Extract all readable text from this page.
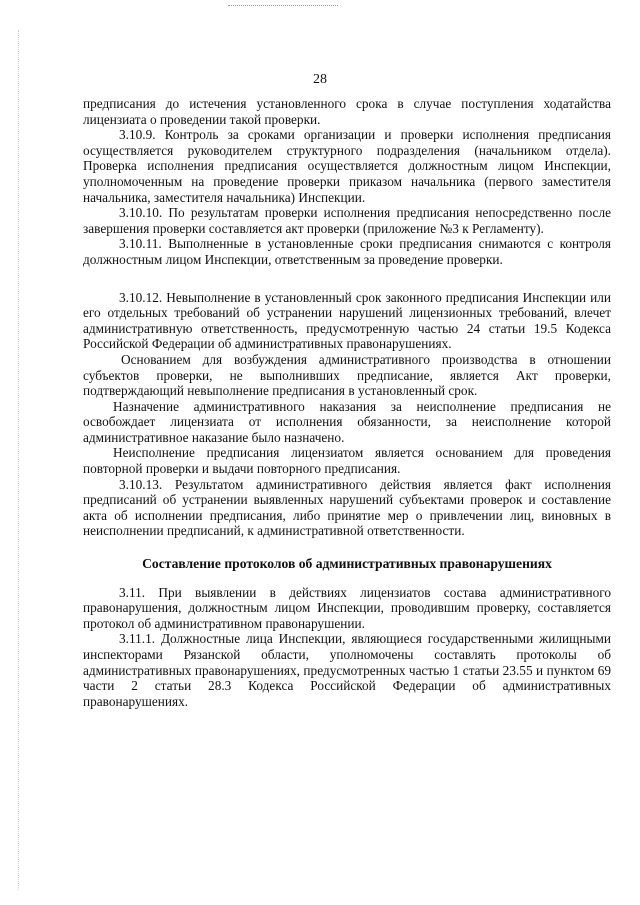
28

предписания до истечения установленного срока в случае поступления ходатайства лицензиата о проведении такой проверки.

3.10.9. Контроль за сроками организации и проверки исполнения предписания осуществляется руководителем структурного подразделения (начальником отдела). Проверка исполнения предписания осуществляется должностным лицом Инспекции, уполномоченным на проведение проверки приказом начальника (первого заместителя начальника, заместителя начальника) Инспекции.

3.10.10. По результатам проверки исполнения предписания непосредственно после завершения проверки составляется акт проверки (приложение №3 к Регламенту).

3.10.11. Выполненные в установленные сроки предписания снимаются с контроля должностным лицом Инспекции, ответственным за проведение проверки.

3.10.12. Невыполнение в установленный срок законного предписания Инспекции или его отдельных требований об устранении нарушений лицензионных требований, влечет административную ответственность, предусмотренную частью 24 статьи 19.5 Кодекса Российской Федерации об административных правонарушениях.

Основанием для возбуждения административного производства в отношении субъектов проверки, не выполнивших предписание, является Акт проверки, подтверждающий невыполнение предписания в установленный срок.

Назначение административного наказания за неисполнение предписания не освобождает лицензиата от исполнения обязанности, за неисполнение которой административное наказание было назначено.

Неисполнение предписания лицензиатом является основанием для проведения повторной проверки и выдачи повторного предписания.

3.10.13. Результатом административного действия является факт исполнения предписаний об устранении выявленных нарушений субъектами проверок и составление акта об исполнении предписания, либо принятие мер о привлечении лиц, виновных в неисполнении предписаний, к административной ответственности.

Составление протоколов об административных правонарушениях

3.11. При выявлении в действиях лицензиатов состава административного правонарушения, должностным лицом Инспекции, проводившим проверку, составляется протокол об административном правонарушении.

3.11.1. Должностные лица Инспекции, являющиеся государственными жилищными инспекторами Рязанской области, уполномочены составлять протоколы об административных правонарушениях, предусмотренных частью 1 статьи 23.55 и пунктом 69 части 2 статьи 28.3 Кодекса Российской Федерации об административных правонарушениях.
